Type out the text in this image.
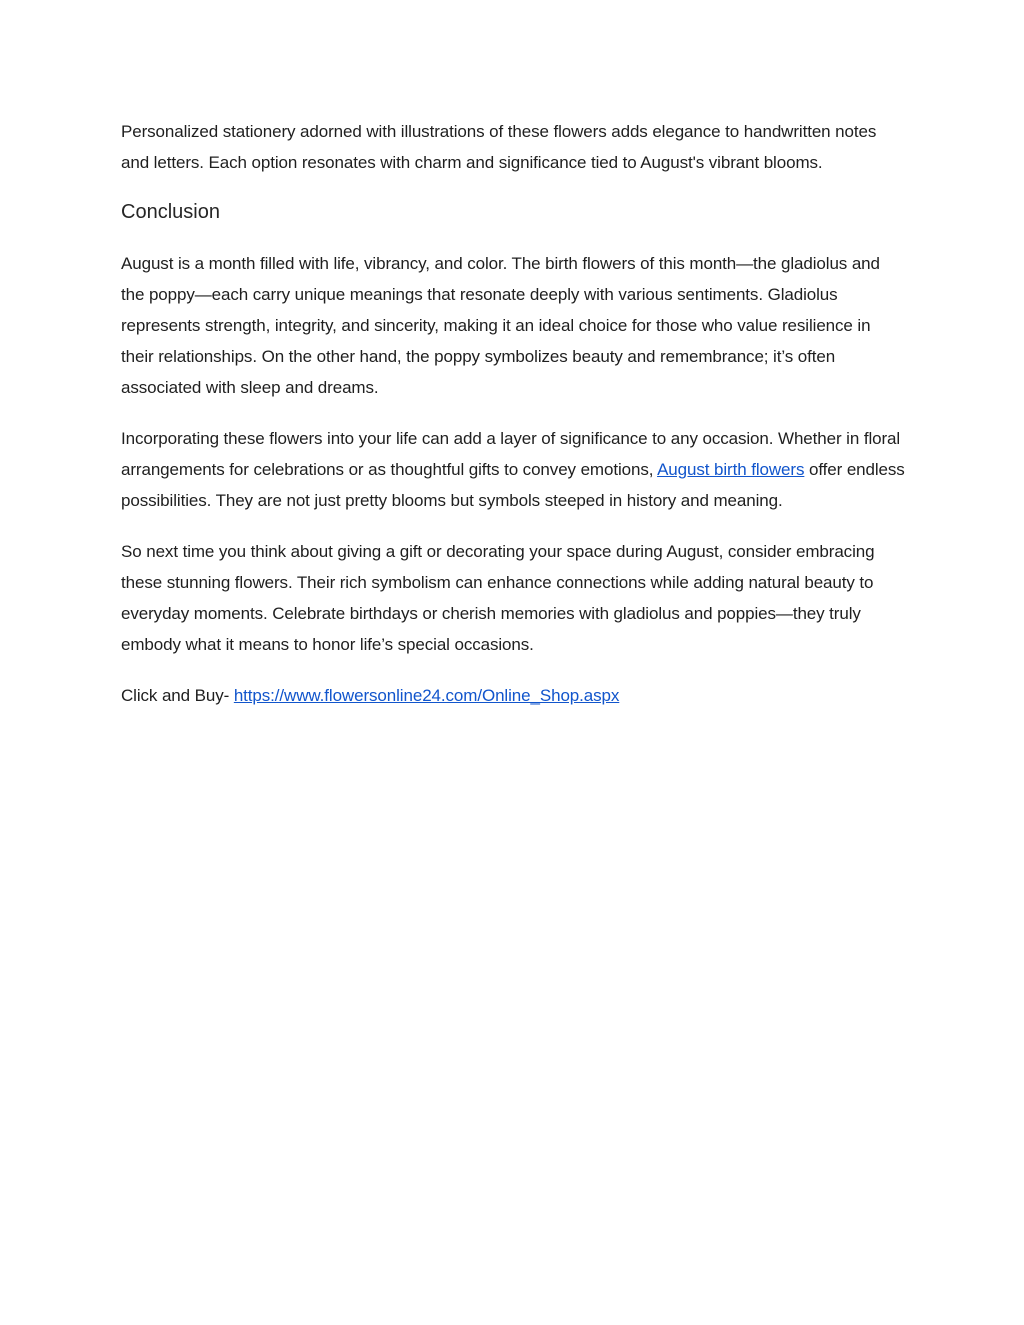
Personalized stationery adorned with illustrations of these flowers adds elegance to handwritten notes and letters. Each option resonates with charm and significance tied to August's vibrant blooms.

Conclusion

August is a month filled with life, vibrancy, and color. The birth flowers of this month—the gladiolus and the poppy—each carry unique meanings that resonate deeply with various sentiments. Gladiolus represents strength, integrity, and sincerity, making it an ideal choice for those who value resilience in their relationships. On the other hand, the poppy symbolizes beauty and remembrance; it’s often associated with sleep and dreams.

Incorporating these flowers into your life can add a layer of significance to any occasion. Whether in floral arrangements for celebrations or as thoughtful gifts to convey emotions, August birth flowers offer endless possibilities. They are not just pretty blooms but symbols steeped in history and meaning.

So next time you think about giving a gift or decorating your space during August, consider embracing these stunning flowers. Their rich symbolism can enhance connections while adding natural beauty to everyday moments. Celebrate birthdays or cherish memories with gladiolus and poppies—they truly embody what it means to honor life’s special occasions.

Click and Buy- https://www.flowersonline24.com/Online_Shop.aspx
